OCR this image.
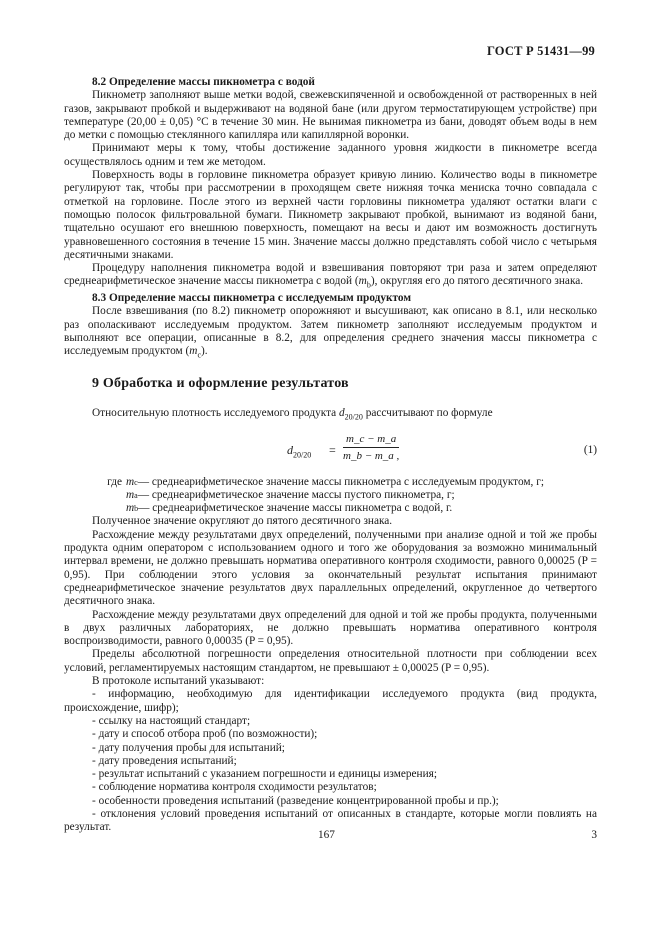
ГОСТ Р 51431—99
8.2 Определение массы пикнометра с водой

Пикнометр заполняют выше метки водой, свежевскипяченной и освобожденной от растворенных в ней газов, закрывают пробкой и выдерживают на водяной бане (или другом термостатирующем устройстве) при температуре (20,00 ± 0,05) °С в течение 30 мин. Не вынимая пикнометра из бани, доводят объем воды в нем до метки с помощью стеклянного капилляра или капиллярной воронки.

Принимают меры к тому, чтобы достижение заданного уровня жидкости в пикнометре всегда осуществлялось одним и тем же методом.

Поверхность воды в горловине пикнометра образует кривую линию. Количество воды в пикнометре регулируют так, чтобы при рассмотрении в проходящем свете нижняя точка мениска точно совпадала с отметкой на горловине. После этого из верхней части горловины пикнометра удаляют остатки влаги с помощью полосок фильтровальной бумаги. Пикнометр закрывают пробкой, вынимают из водяной бани, тщательно осушают его внешнюю поверхность, помещают на весы и дают им возможность достигнуть уравновешенного состояния в течение 15 мин. Значение массы должно представлять собой число с четырьмя десятичными знаками.

Процедуру наполнения пикнометра водой и взвешивания повторяют три раза и затем определяют среднеарифметическое значение массы пикнометра с водой $(m_b)$, округляя его до пятого десятичного знака.

8.3 Определение массы пикнометра с исследуемым продуктом

После взвешивания (по 8.2) пикнометр опорожняют и высушивают, как описано в 8.1, или несколько раз ополаскивают исследуемым продуктом. Затем пикнометр заполняют исследуемым продуктом и выполняют все операции, описанные в 8.2, для определения среднего значения массы пикнометра с исследуемым продуктом $(m_c)$.

9 Обработка и оформление результатов

Относительную плотность исследуемого продукта $d_{20/20}$ рассчитывают по формуле

$d_{20/20} = \frac{m\_c - m\_a}{m\_b - m\_a ,}$	(1)
где m c — среднеарифметическое значение массы пикнометра с исследуемым продуктом, г;
m a — среднеарифметическое значение массы пустого пикнометра, г;
m b — среднеарифметическое значение массы пикнометра с водой, г.

Полученное значение округляют до пятого десятичного знака.

Расхождение между результатами двух определений, полученными при анализе одной и той же пробы продукта одним оператором с использованием одного и того же оборудования за возможно минимальный интервал времени, не должно превышать норматива оперативного контроля сходимости, равного 0,00025 (P = 0,95). При соблюдении этого условия за окончательный результат испытания принимают среднеарифметическое значение результатов двух параллельных определений, округленное до четвертого десятичного знака.

Расхождение между результатами двух определений для одной и той же пробы продукта, полученными в двух различных лабораториях, не должно превышать норматива оперативного контроля воспроизводимости, равного 0,00035 (P = 0,95).

Пределы абсолютной погрешности определения относительной плотности при соблюдении всех условий, регламентируемых настоящим стандартом, не превышают ± 0,00025 (P = 0,95).

В протоколе испытаний указывают:

- информацию, необходимую для идентификации исследуемого продукта (вид продукта, происхождение, шифр);

- ссылку на настоящий стандарт;

- дату и способ отбора проб (по возможности);

- дату получения пробы для испытаний;

- дату проведения испытаний;

- результат испытаний с указанием погрешности и единицы измерения;

- соблюдение норматива контроля сходимости результатов;

- особенности проведения испытаний (разведение концентрированной пробы и пр.);

- отклонения условий проведения испытаний от описанных в стандарте, которые могли повлиять на результат.

167	3
